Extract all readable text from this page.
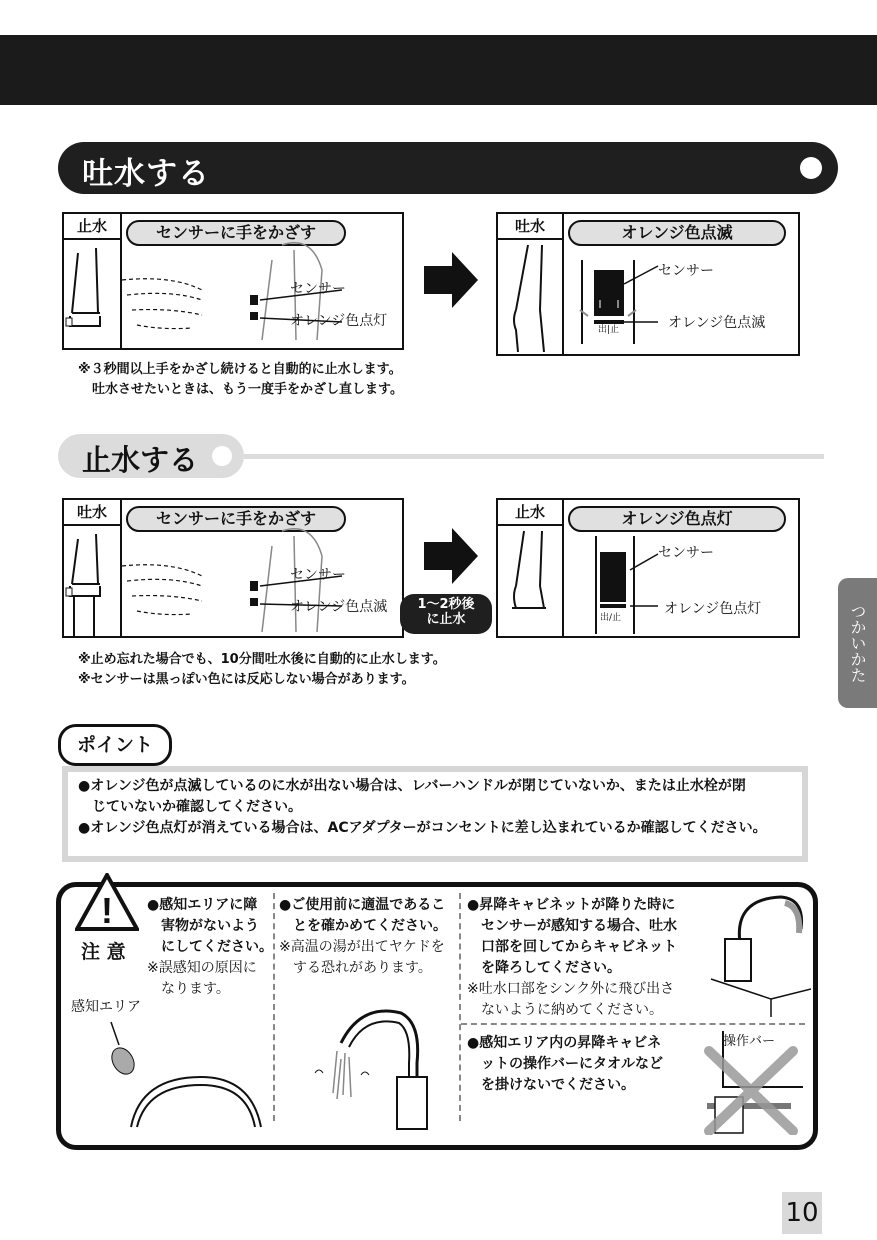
吐水する
止水	センサーに手をかざす
センサー
オレンジ色点灯
吐水	オレンジ色点滅
出|止
センサー
オレンジ色点滅
※３秒間以上手をかざし続けると自動的に止水します。
吐水させたいときは、もう一度手をかざし直します。
止水する
吐水	センサーに手をかざす
センサー
オレンジ色点滅	1～2秒後
に止水
止水	オレンジ色点灯
出/止
センサー
オレンジ色点灯
※止め忘れた場合でも、10分間吐水後に自動的に止水します。
※センサーは黒っぽい色には反応しない場合があります。
●オレンジ色が点滅しているのに水が出ない場合は、レバーハンドルが閉じていないか、または止水栓が閉
じていないか確認してください。
●オレンジ色点灯が消えている場合は、ACアダプターがコンセントに差し込まれているか確認してください。
ポイント
!
注 意
感知エリア
●感知エリアに障
害物がないよう
にしてください。
※誤感知の原因に
なります。
●ご使用前に適温であるこ
とを確かめてください。
※高温の湯が出てヤケドを
する恐れがあります。
●昇降キャビネットが降りた時に
センサーが感知する場合、吐水
口部を回してからキャビネット
を降ろしてください。
※吐水口部をシンク外に飛び出さ
ないように納めてください。
●感知エリア内の昇降キャビネ
ットの操作バーにタオルなど
を掛けないでください。
操作バー
つかいかた
10
